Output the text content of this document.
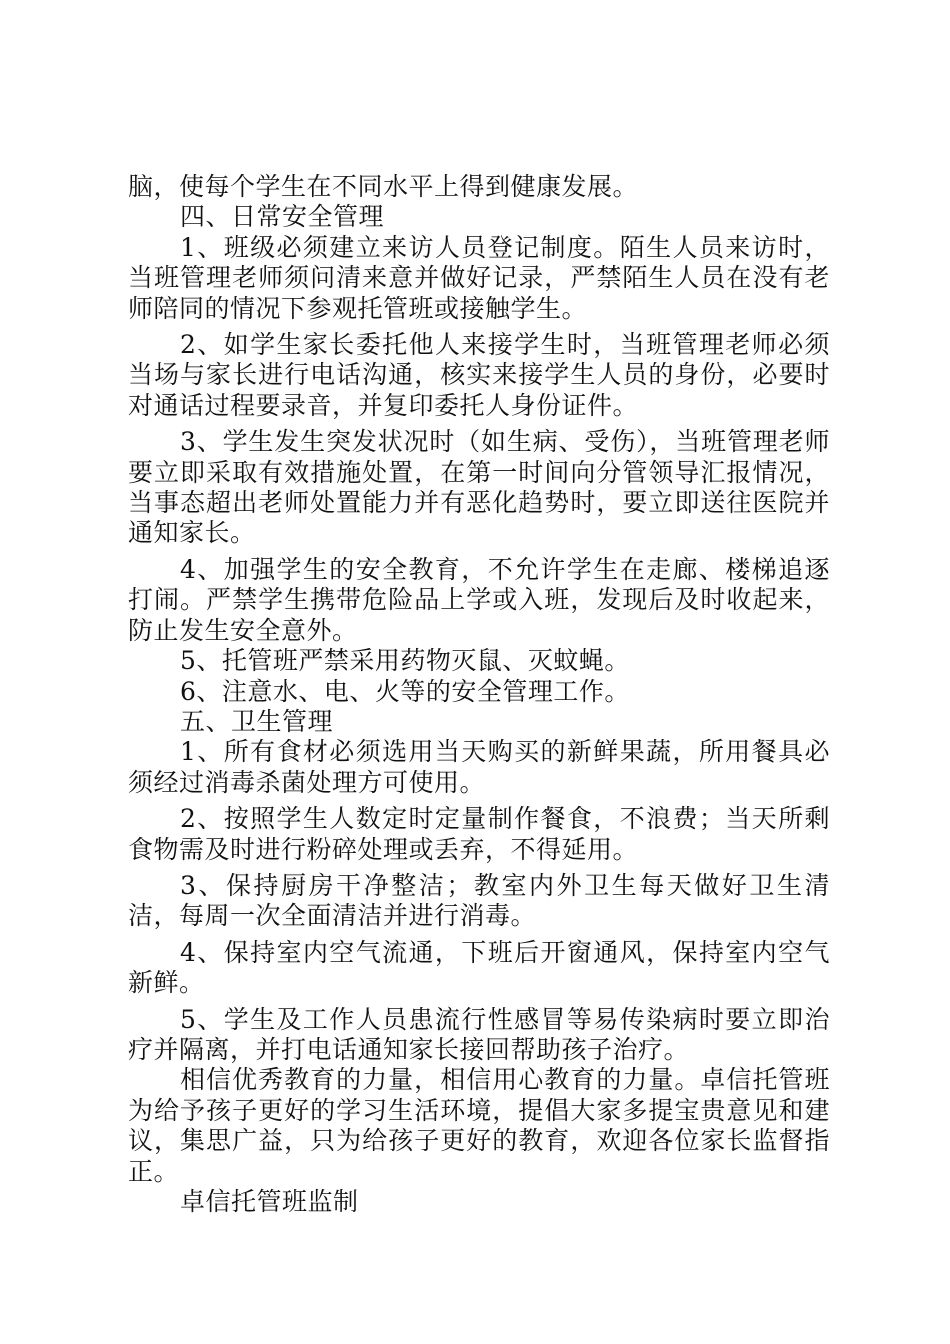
脑，使每个学生在不同水平上得到健康发展。

四、日常安全管理

1、班级必须建立来访人员登记制度。陌生人员来访时，当班管理老师须问清来意并做好记录，严禁陌生人员在没有老师陪同的情况下参观托管班或接触学生。

2、如学生家长委托他人来接学生时，当班管理老师必须当场与家长进行电话沟通，核实来接学生人员的身份，必要时对通话过程要录音，并复印委托人身份证件。

3、学生发生突发状况时（如生病、受伤），当班管理老师要立即采取有效措施处置，在第一时间向分管领导汇报情况，当事态超出老师处置能力并有恶化趋势时，要立即送往医院并通知家长。

4、加强学生的安全教育，不允许学生在走廊、楼梯追逐打闹。严禁学生携带危险品上学或入班，发现后及时收起来，防止发生安全意外。

5、托管班严禁采用药物灭鼠、灭蚊蝇。

6、注意水、电、火等的安全管理工作。

五、卫生管理

1、所有食材必须选用当天购买的新鲜果蔬，所用餐具必须经过消毒杀菌处理方可使用。

2、按照学生人数定时定量制作餐食，不浪费；当天所剩食物需及时进行粉碎处理或丢弃，不得延用。

3、保持厨房干净整洁；教室内外卫生每天做好卫生清洁，每周一次全面清洁并进行消毒。

4、保持室内空气流通，下班后开窗通风，保持室内空气新鲜。

5、学生及工作人员患流行性感冒等易传染病时要立即治疗并隔离，并打电话通知家长接回帮助孩子治疗。

相信优秀教育的力量，相信用心教育的力量。卓信托管班为给予孩子更好的学习生活环境，提倡大家多提宝贵意见和建议，集思广益，只为给孩子更好的教育，欢迎各位家长监督指正。

卓信托管班监制
